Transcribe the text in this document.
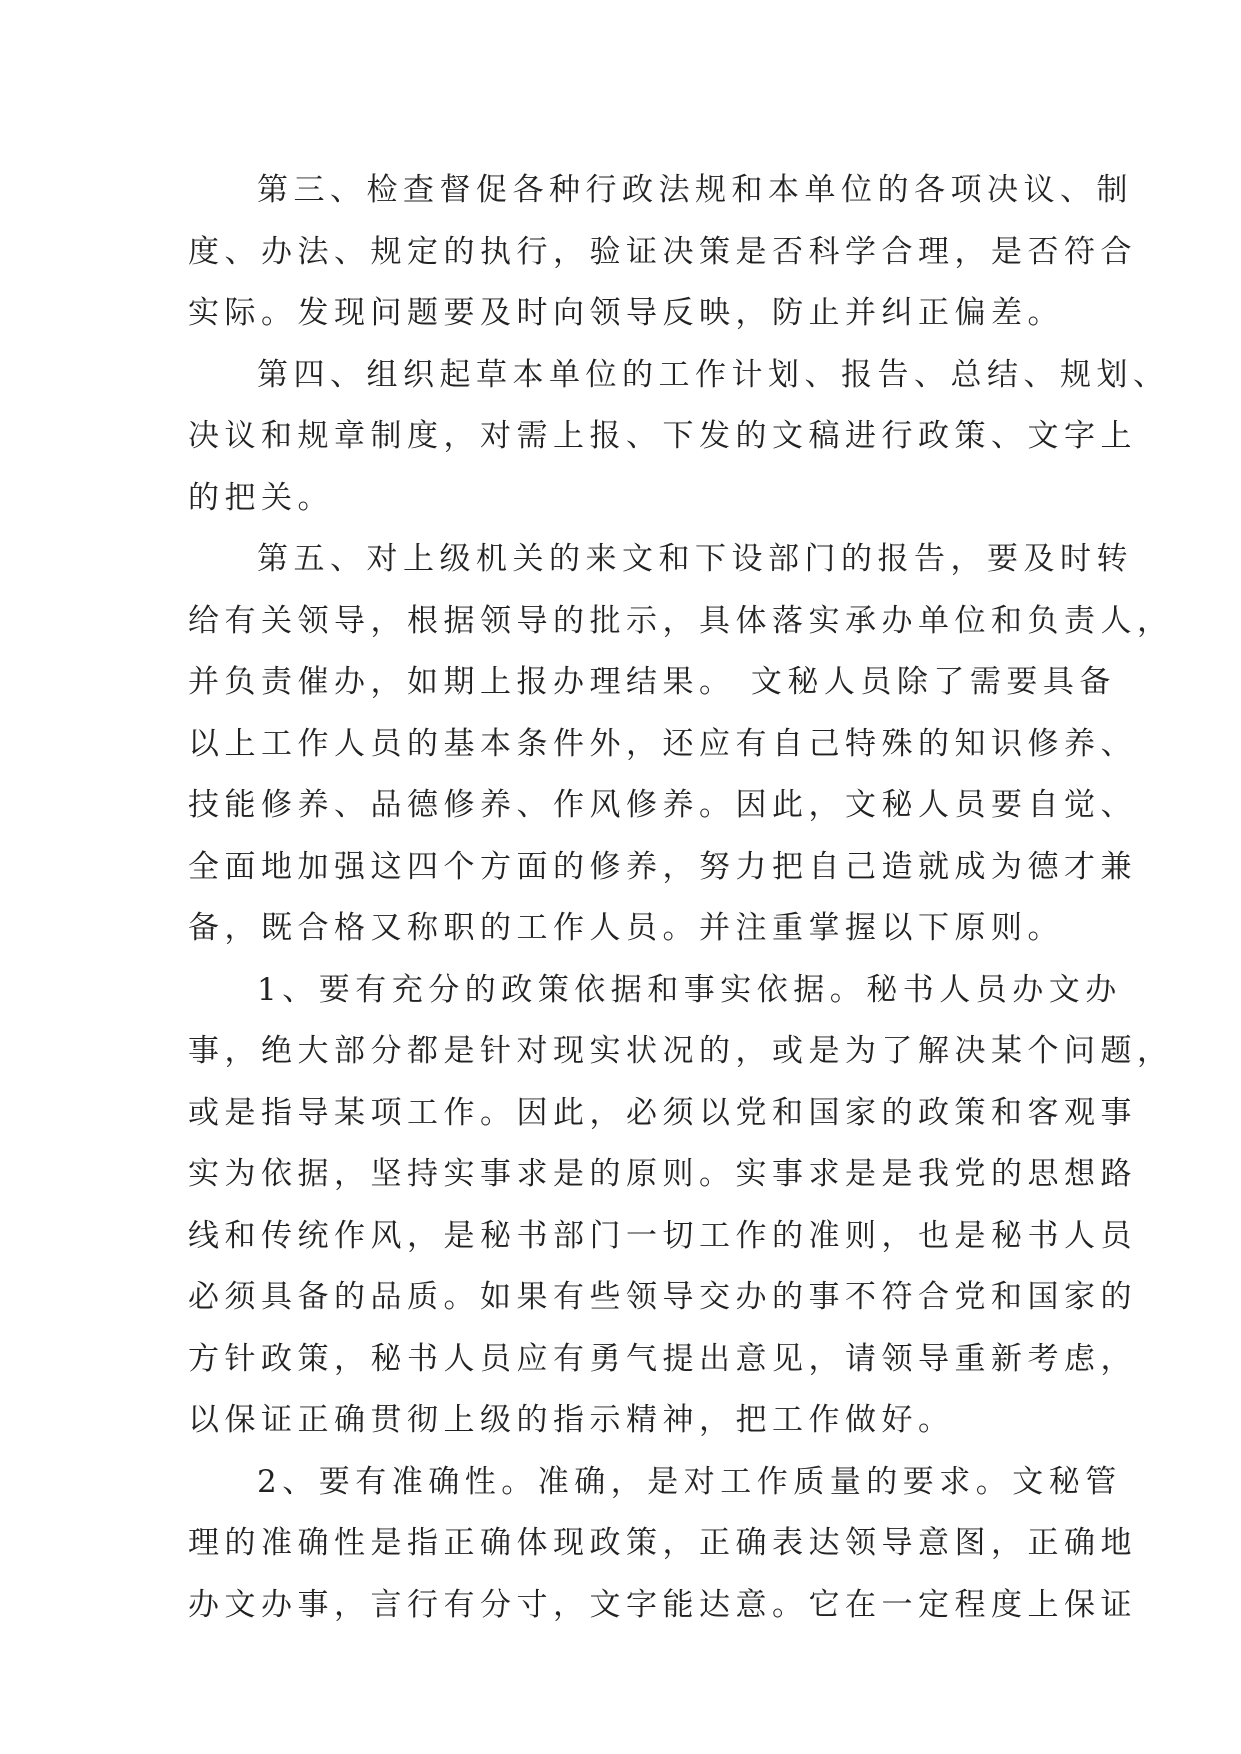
第三、检查督促各种行政法规和本单位的各项决议、制
度、办法、规定的执行，验证决策是否科学合理，是否符合
实际。发现问题要及时向领导反映，防止并纠正偏差。
第四、组织起草本单位的工作计划、报告、总结、规划、
决议和规章制度，对需上报、下发的文稿进行政策、文字上
的把关。
第五、对上级机关的来文和下设部门的报告，要及时转
给有关领导，根据领导的批示，具体落实承办单位和负责人，
并负责催办，如期上报办理结果。 文秘人员除了需要具备
以上工作人员的基本条件外，还应有自己特殊的知识修养、
技能修养、品德修养、作风修养。因此，文秘人员要自觉、
全面地加强这四个方面的修养，努力把自己造就成为德才兼
备，既合格又称职的工作人员。并注重掌握以下原则。
1、要有充分的政策依据和事实依据。秘书人员办文办
事，绝大部分都是针对现实状况的，或是为了解决某个问题，
或是指导某项工作。因此，必须以党和国家的政策和客观事
实为依据，坚持实事求是的原则。实事求是是我党的思想路
线和传统作风，是秘书部门一切工作的准则，也是秘书人员
必须具备的品质。如果有些领导交办的事不符合党和国家的
方针政策，秘书人员应有勇气提出意见，请领导重新考虑，
以保证正确贯彻上级的指示精神，把工作做好。
2、要有准确性。准确，是对工作质量的要求。文秘管
理的准确性是指正确体现政策，正确表达领导意图，正确地
办文办事，言行有分寸，文字能达意。它在一定程度上保证
